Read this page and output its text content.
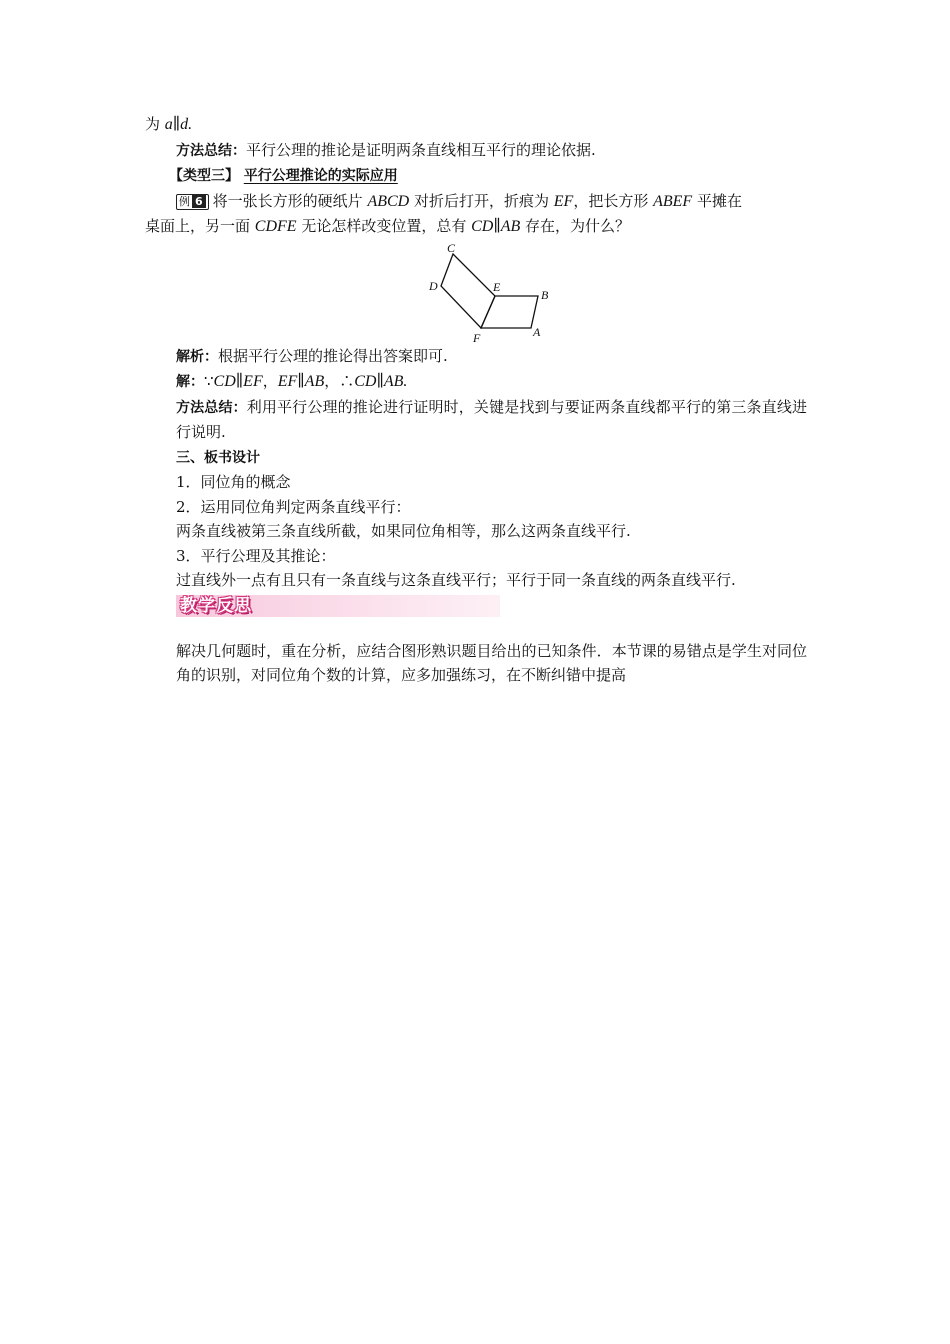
为 a∥d.

方法总结：平行公理的推论是证明两条直线相互平行的理论依据.

【类型三】 平行公理推论的实际应用

例 6 将一张长方形的硬纸片 ABCD 对折后打开，折痕为 EF，把长方形 ABEF 平摊在

桌面上，另一面 CDFE 无论怎样改变位置，总有 CD∥AB 存在，为什么？

C
D	E
B
F	A

解析：根据平行公理的推论得出答案即可.

解：∵CD∥EF，EF∥AB，∴CD∥AB.

方法总结：利用平行公理的推论进行证明时，关键是找到与要证两条直线都平行的第三条直线进行说明.

三、板书设计

1．同位角的概念

2．运用同位角判定两条直线平行：

两条直线被第三条直线所截，如果同位角相等，那么这两条直线平行.

3．平行公理及其推论：

过直线外一点有且只有一条直线与这条直线平行；平行于同一条直线的两条直线平行.

教学反思

解决几何题时，重在分析，应结合图形熟识题目给出的已知条件．本节课的易错点是学生对同位角的识别，对同位角个数的计算，应多加强练习，在不断纠错中提高
